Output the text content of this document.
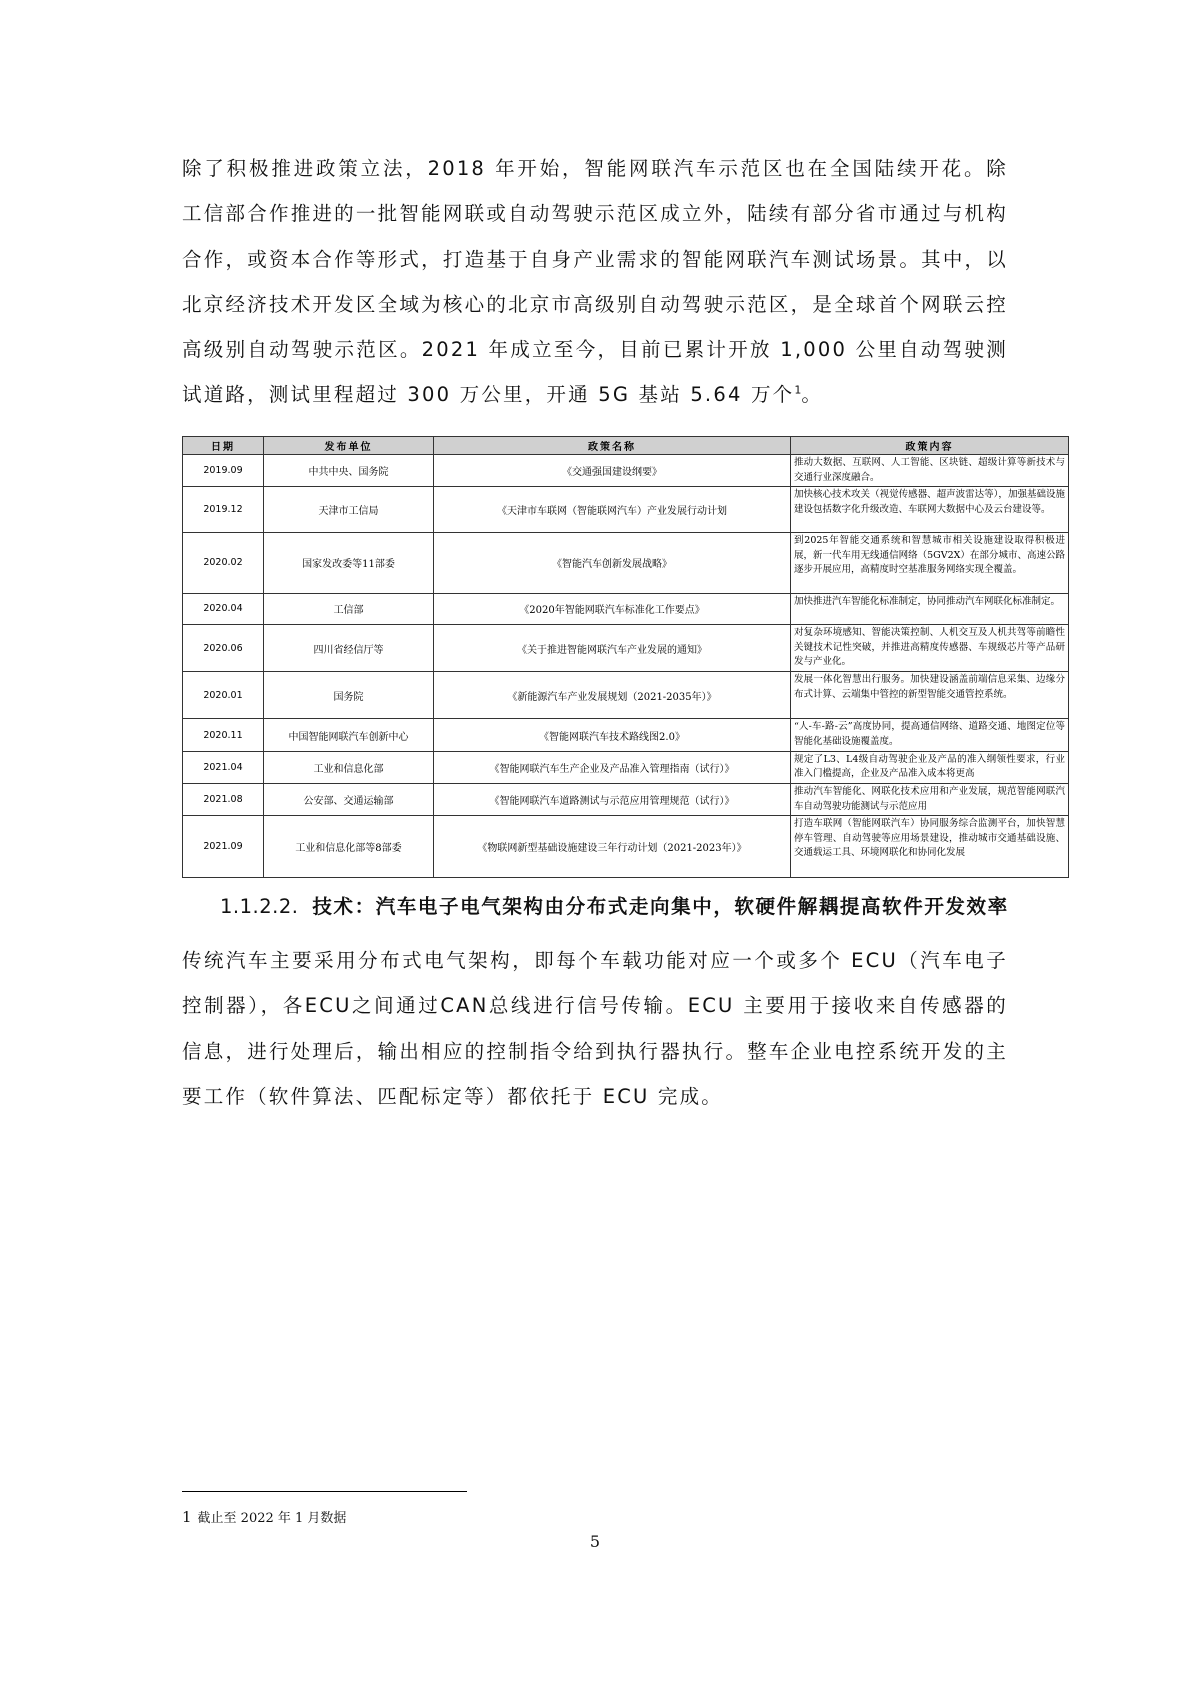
除了积极推进政策立法，2018 年开始，智能网联汽车示范区也在全国陆续开花。除工信部合作推进的一批智能网联或自动驾驶示范区成立外，陆续有部分省市通过与机构合作，或资本合作等形式，打造基于自身产业需求的智能网联汽车测试场景。其中，以北京经济技术开发区全域为核心的北京市高级别自动驾驶示范区，是全球首个网联云控高级别自动驾驶示范区。2021 年成立至今，目前已累计开放 1,000 公里自动驾驶测试道路，测试里程超过 300 万公里，开通 5G 基站 5.64 万个$^1$。

日期	发布单位	政策名称	政策内容
2019.09	中共中央、国务院	《交通强国建设纲要》	推动大数据、互联网、人工智能、区块链、超级计算等新技术与交通行业深度融合。
2019.12	天津市工信局	《天津市车联网（智能联网汽车）产业发展行动计划	加快核心技术攻关（视觉传感器、超声波雷达等），加强基础设施建设包括数字化升级改造、车联网大数据中心及云台建设等。
2020.02	国家发改委等11部委	《智能汽车创新发展战略》	到2025年智能交通系统和智慧城市相关设施建设取得积极进展，新一代车用无线通信网络（5GV2X）在部分城市、高速公路逐步开展应用，高精度时空基准服务网络实现全覆盖。
2020.04	工信部	《2020年智能网联汽车标准化工作要点》	加快推进汽车智能化标准制定，协同推动汽车网联化标准制定。
2020.06	四川省经信厅等	《关于推进智能网联汽车产业发展的通知》	对复杂环境感知、智能决策控制、人机交互及人机共驾等前瞻性关键技术记性突破，并推进高精度传感器、车规级芯片等产品研发与产业化。
2020.01	国务院	《新能源汽车产业发展规划（2021-2035年）》	发展一体化智慧出行服务。加快建设涵盖前端信息采集、边缘分布式计算、云端集中管控的新型智能交通管控系统。
2020.11	中国智能网联汽车创新中心	《智能网联汽车技术路线图2.0》	“人-车-路-云”高度协同，提高通信网络、道路交通、地图定位等智能化基础设施覆盖度。
2021.04	工业和信息化部	《智能网联汽车生产企业及产品准入管理指南（试行）》	规定了L3、L4级自动驾驶企业及产品的准入纲领性要求，行业准入门槛提高，企业及产品准入成本将更高
2021.08	公安部、交通运输部	《智能网联汽车道路测试与示范应用管理规范（试行）》	推动汽车智能化、网联化技术应用和产业发展，规范智能网联汽车自动驾驶功能测试与示范应用
2021.09	工业和信息化部等8部委	《物联网新型基础设施建设三年行动计划（2021-2023年）》	打造车联网（智能网联汽车）协同服务综合监测平台，加快智慧停车管理、自动驾驶等应用场景建设，推动城市交通基础设施、交通载运工具、环境网联化和协同化发展
1.1.2.2. 技术：汽车电子电气架构由分布式走向集中，软硬件解耦提高软件开发效率

传统汽车主要采用分布式电气架构，即每个车载功能对应一个或多个 ECU（汽车电子控制器），各ECU之间通过CAN总线进行信号传输。ECU 主要用于接收来自传感器的信息，进行处理后，输出相应的控制指令给到执行器执行。整车企业电控系统开发的主要工作（软件算法、匹配标定等）都依托于 ECU 完成。

1 截止至 2022 年 1 月数据
5
